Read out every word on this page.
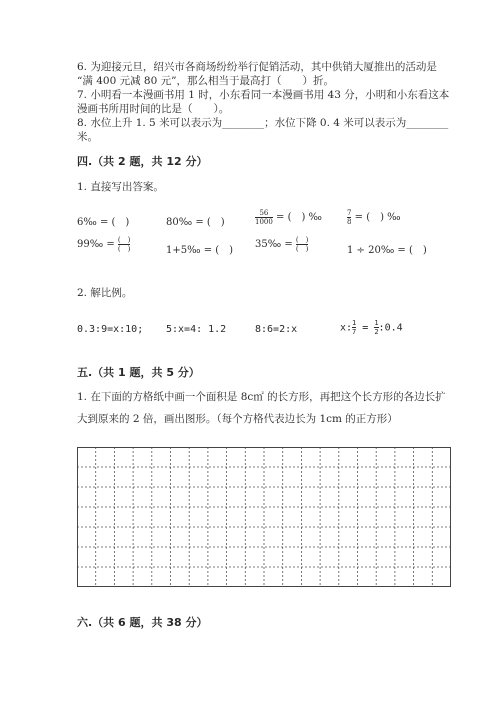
6. 为迎接元旦，绍兴市各商场纷纷举行促销活动，其中供销大厦推出的活动是
“满 400 元减 80 元”，那么相当于最高打（　　）折。
7. 小明看一本漫画书用 1 时，小东看同一本漫画书用 43 分，小明和小东看这本
漫画书所用时间的比是（　　）。
8. 水位上升 1. 5 米可以表示为________；水位下降 0. 4 米可以表示为________
米。
四.（共 2 题，共 12 分）
1. 直接写出答案。
6‰ = (　)	80‰ = (　)	$\frac{56}{1000}$ = (　) ‰	$\frac{7}{8}$ = (　) ‰
99‰ = $\frac{( )}{( )}$	1+5‰ = (　)
35‰ = $\frac{( )}{( )}$	1 ÷ 20‰ = (　)
2. 解比例。
0.3:9=x:10; 5:x=4: 1.2	8:6=2:x	x: $\frac{1}{7} = \frac{1}{2}$ :0.4
五.（共 1 题，共 5 分）
1. 在下面的方格纸中画一个面积是 8c㎡ 的长方形，再把这个长方形的各边长扩
大到原来的 2 倍，画出图形。（每个方格代表边长为 1cm 的正方形）
六.（共 6 题，共 38 分）
